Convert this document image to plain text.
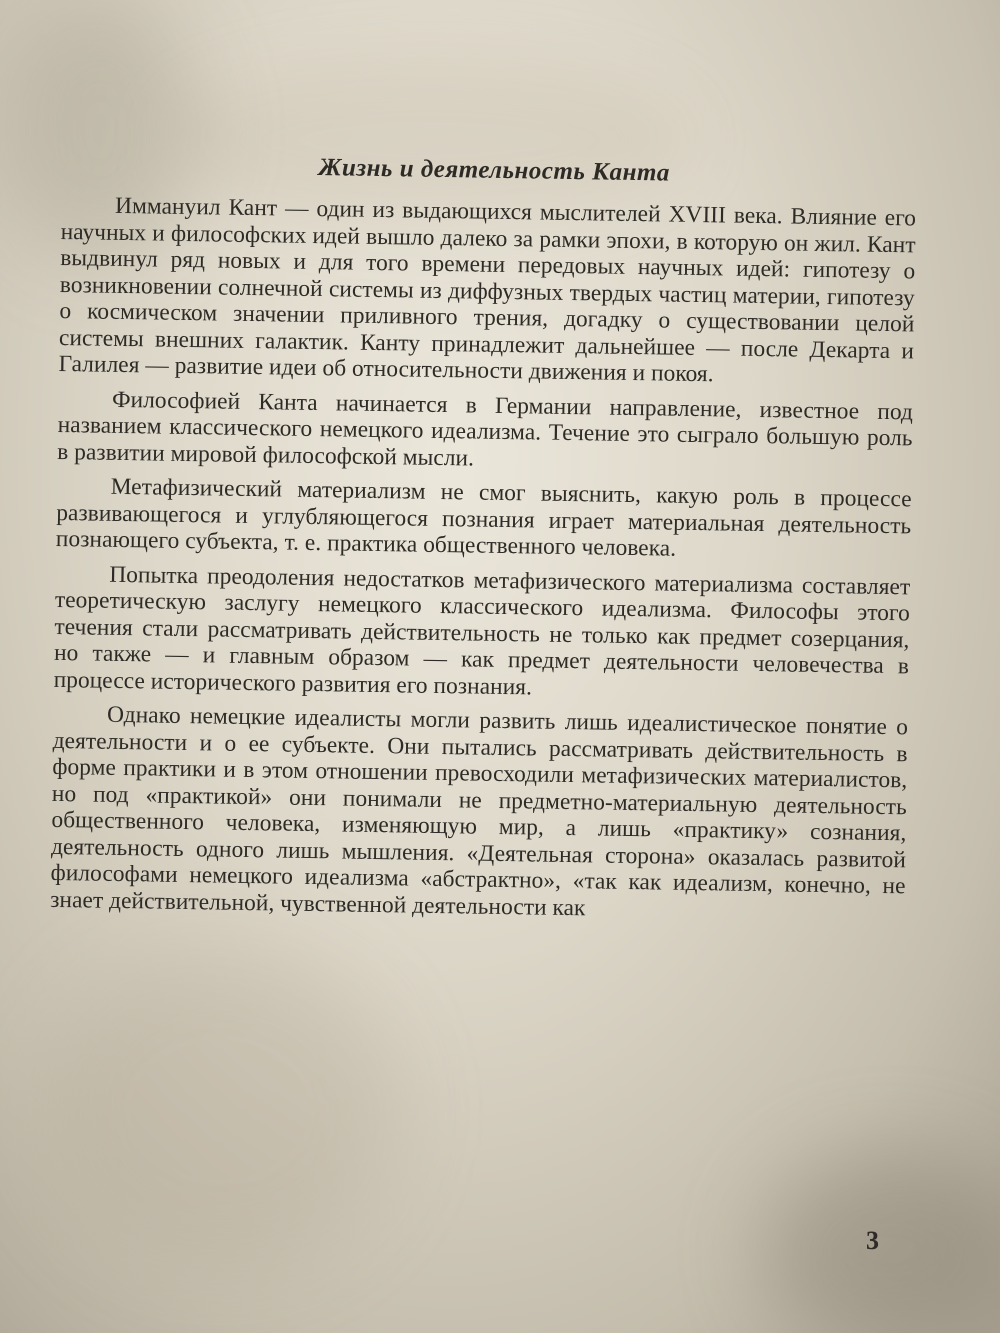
Жизнь и деятельность Канта

Иммануил Кант — один из выдающихся мыслителей XVIII века. Влияние его научных и философских идей вышло далеко за рамки эпохи, в которую он жил. Кант выдвинул ряд новых и для того времени передовых научных идей: гипотезу о возникновении солнечной системы из диффузных твердых частиц материи, гипотезу о космическом значении приливного трения, догадку о существовании целой системы внешних галактик. Канту принадлежит дальнейшее — после Декарта и Галилея — развитие идеи об относительности движения и покоя.

Философией Канта начинается в Германии направление, известное под названием классического немецкого идеализма. Течение это сыграло большую роль в развитии мировой философской мысли.

Метафизический материализм не смог выяснить, какую роль в процессе развивающегося и углубляющегося познания играет материальная деятельность познающего субъекта, т. е. практика общественного человека.

Попытка преодоления недостатков метафизического материализма составляет теоретическую заслугу немецкого классического идеализма. Философы этого течения стали рассматривать действительность не только как предмет созерцания, но также — и главным образом — как предмет деятельности человечества в процессе исторического развития его познания.

Однако немецкие идеалисты могли развить лишь идеалистическое понятие о деятельности и о ее субъекте. Они пытались рассматривать действительность в форме практики и в этом отношении превосходили метафизических материалистов, но под «практикой» они понимали не предметно-материальную деятельность общественного человека, изменяющую мир, а лишь «практику» сознания, деятельность одного лишь мышления. «Деятельная сторона» оказалась развитой философами немецкого идеализма «абстрактно», «так как идеализм, конечно, не знает действительной, чувственной деятельности как

3
